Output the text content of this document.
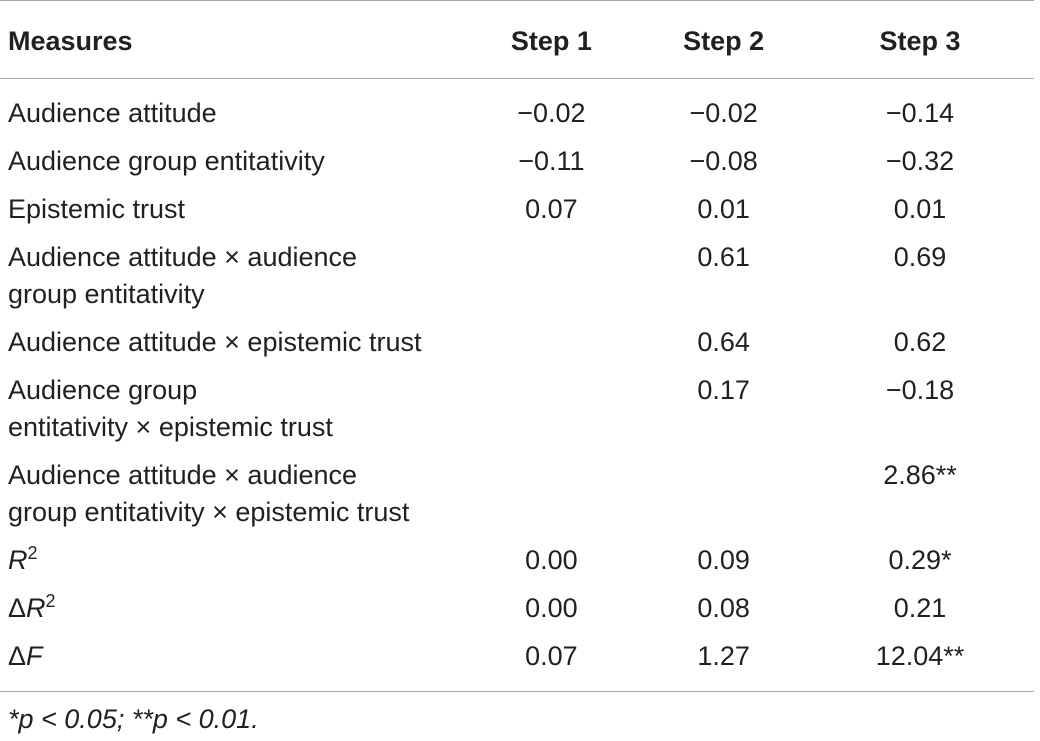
Measures	Step 1	Step 2	Step 3
Audience attitude	−0.02	−0.02	−0.14
Audience group entitativity	−0.11	−0.08	−0.32
Epistemic trust	0.07	0.01	0.01
Audience attitude × audience
group entitativity		0.61	0.69
Audience attitude × epistemic trust		0.64	0.62
Audience group
entitativity × epistemic trust		0.17	−0.18
Audience attitude × audience
group entitativity × epistemic trust			2.86**
$R^2$	0.00	0.09	0.29*
$\Delta R^2$	0.00	0.08	0.21
ΔF	0.07	1.27	12.04**
*p < 0.05; **p < 0.01.
